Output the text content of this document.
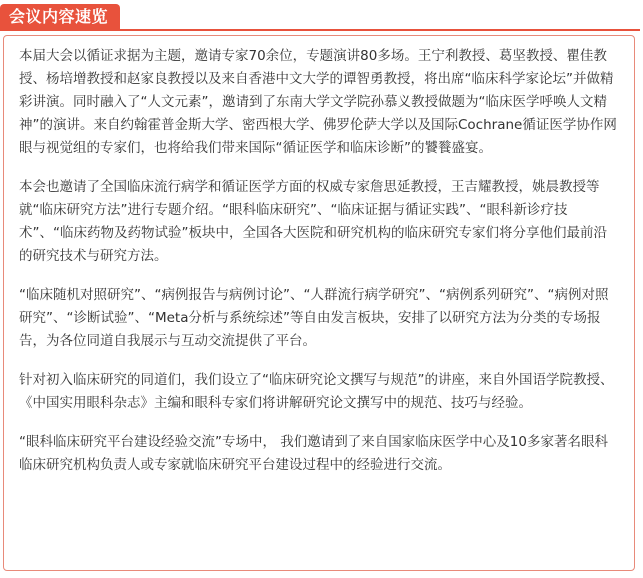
会议内容速览

本届大会以循证求据为主题，邀请专家70余位，专题演讲80多场。王宁利教授、葛坚教授、瞿佳教授、杨培增教授和赵家良教授以及来自香港中文大学的谭智勇教授，将出席“临床科学家论坛”并做精彩讲演。同时融入了“人文元素”，邀请到了东南大学文学院孙慕义教授做题为“临床医学呼唤人文精神”的演讲。来自约翰霍普金斯大学、密西根大学、佛罗伦萨大学以及国际Cochrane循证医学协作网眼与视觉组的专家们，也将给我们带来国际“循证医学和临床诊断”的饕餮盛宴。

本会也邀请了全国临床流行病学和循证医学方面的权威专家詹思延教授，王吉耀教授，姚晨教授等就“临床研究方法”进行专题介绍。“眼科临床研究”、“临床证据与循证实践”、“眼科新诊疗技术”、“临床药物及药物试验”板块中，全国各大医院和研究机构的临床研究专家们将分享他们最前沿的研究技术与研究方法。

“临床随机对照研究”、“病例报告与病例讨论”、“人群流行病学研究”、“病例系列研究”、“病例对照研究”、“诊断试验”、“Meta分析与系统综述”等自由发言板块，安排了以研究方法为分类的专场报告，为各位同道自我展示与互动交流提供了平台。

针对初入临床研究的同道们，我们设立了“临床研究论文撰写与规范”的讲座，来自外国语学院教授、《中国实用眼科杂志》主编和眼科专家们将讲解研究论文撰写中的规范、技巧与经验。

“眼科临床研究平台建设经验交流”专场中， 我们邀请到了来自国家临床医学中心及10多家著名眼科临床研究机构负责人或专家就临床研究平台建设过程中的经验进行交流。
